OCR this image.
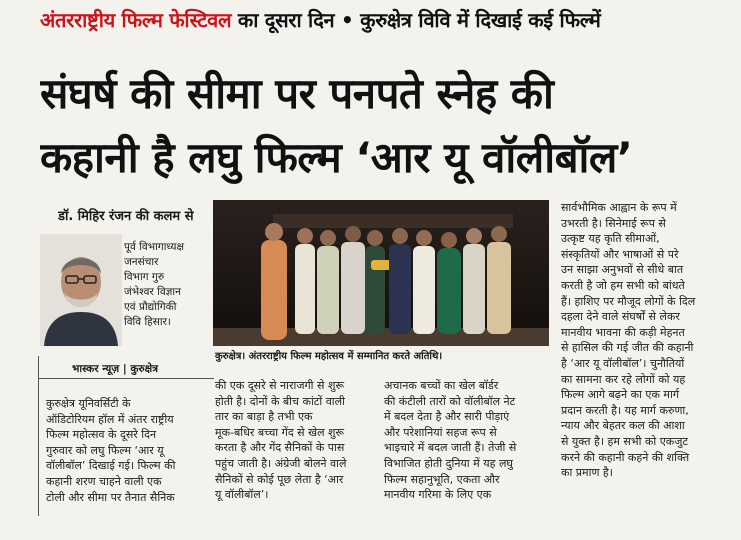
अंतरराष्ट्रीय फिल्म फेस्टिवल का दूसरा दिन • कुरुक्षेत्र विवि में दिखाई कई फिल्में
संघर्ष की सीमा पर पनपते स्नेह की
कहानी है लघु फिल्म ‘आर यू वॉलीबॉल’
डॉ. मिहिर रंजन की कलम से
पूर्व विभागाध्यक्ष
जनसंचार
विभाग गुरु
जंभेश्वर विज्ञान
एवं प्रौद्योगिकी
विवि हिसार।
भास्कर न्यूज़ | कुरुक्षेत्र
कुरुक्षेत्र। अंतरराष्ट्रीय फिल्म महोत्सव में सम्मानित करते अतिथि।
कुरुक्षेत्र यूनिवर्सिटी के
ऑडिटोरियम हॉल में अंतर राष्ट्रीय
फिल्म महोत्सव के दूसरे दिन
गुरुवार को लघु फिल्म ‘आर यू
वॉलीबॉल’ दिखाई गई। फिल्म की
कहानी शरण चाहने वाली एक
टोली और सीमा पर तैनात सैनिक
की एक दूसरे से नाराजगी से शुरू
होती है। दोनों के बीच कांटों वाली
तार का बाड़ा है तभी एक
मूक-बधिर बच्चा गेंद से खेल शुरू
करता है और गेंद सैनिकों के पास
पहुंच जाती है। अंग्रेजी बोलने वाले
सैनिकों से कोई पूछ लेता है ‘आर
यू वॉलीबॉल’।
अचानक बच्चों का खेल बॉर्डर
की कंटीली तारों को वॉलीबॉल नेट
में बदल देता है और सारी पीड़ाएं
और परेशानियां सहज रूप से
भाइचारे में बदल जाती हैं। तेजी से
विभाजित होती दुनिया में यह लघु
फिल्म सहानुभूति, एकता और
मानवीय गरिमा के लिए एक
सार्वभौमिक आह्वान के रूप में
उभरती है। सिनेमाई रूप से
उत्कृष्ट यह कृति सीमाओं,
संस्कृतियों और भाषाओं से परे
उन साझा अनुभवों से सीधे बात
करती है जो हम सभी को बांधते
हैं। हाशिए पर मौजूद लोगों के दिल
दहला देने वाले संघर्षों से लेकर
मानवीय भावना की कड़ी मेहनत
से हासिल की गई जीत की कहानी
है ‘आर यू वॉलीबॉल’। चुनौतियों
का सामना कर रहे लोगों को यह
फिल्म आगे बढ़ने का एक मार्ग
प्रदान करती है। यह मार्ग करुणा,
न्याय और बेहतर कल की आशा
से युक्त है। हम सभी को एकजुट
करने की कहानी कहने की शक्ति
का प्रमाण है।
